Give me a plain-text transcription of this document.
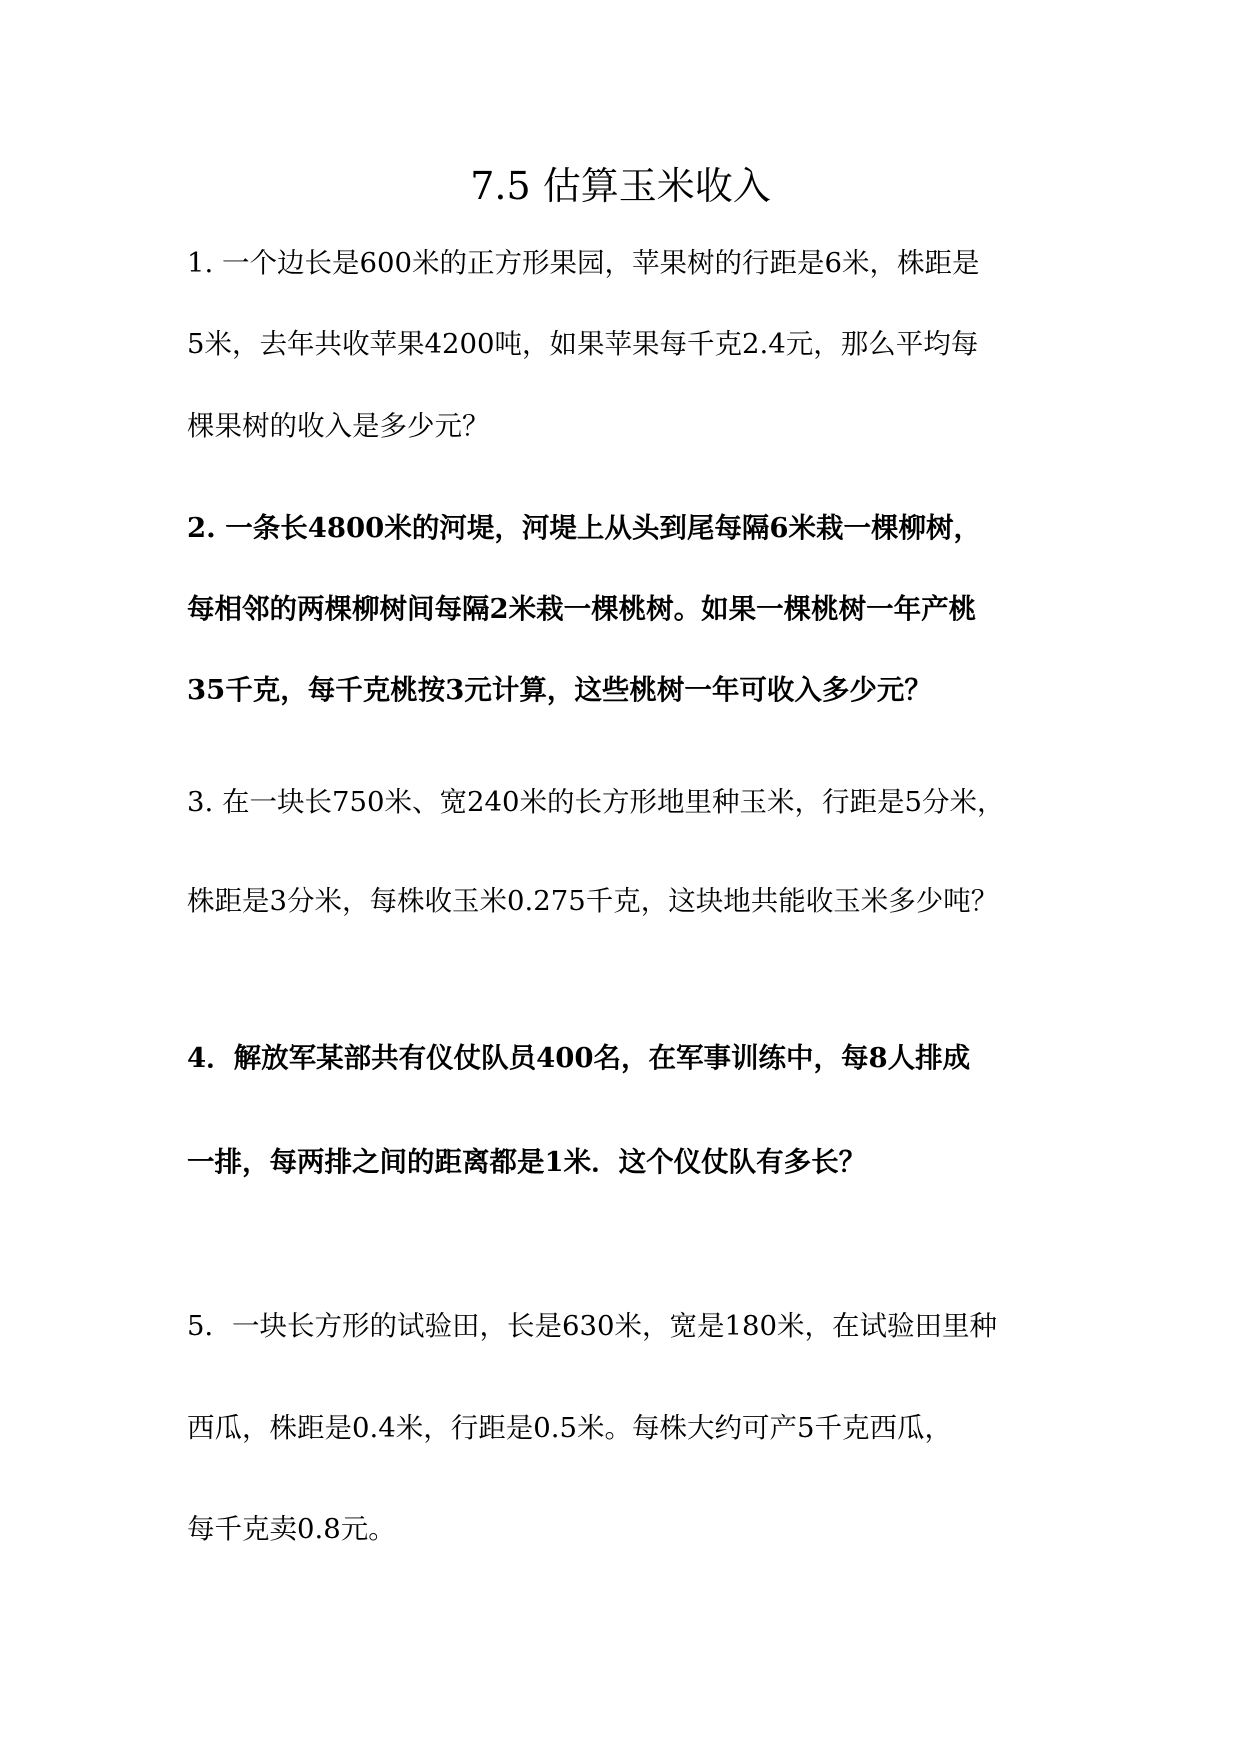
7.5 估算玉米收入
1. 一个边长是600米的正方形果园，苹果树的行距是6米，株距是
5米，去年共收苹果4200吨，如果苹果每千克2.4元，那么平均每
棵果树的收入是多少元？
2. 一条长4800米的河堤，河堤上从头到尾每隔6米栽一棵柳树，
每相邻的两棵柳树间每隔2米栽一棵桃树。如果一棵桃树一年产桃
35千克，每千克桃按3元计算，这些桃树一年可收入多少元？
3. 在一块长750米、宽240米的长方形地里种玉米，行距是5分米，
株距是3分米，每株收玉米0.275千克，这块地共能收玉米多少吨？
4．解放军某部共有仪仗队员400名，在军事训练中，每8人排成
一排，每两排之间的距离都是1米．这个仪仗队有多长？
5．一块长方形的试验田，长是630米，宽是180米，在试验田里种
西瓜，株距是0.4米，行距是0.5米。每株大约可产5千克西瓜，
每千克卖0.8元。
